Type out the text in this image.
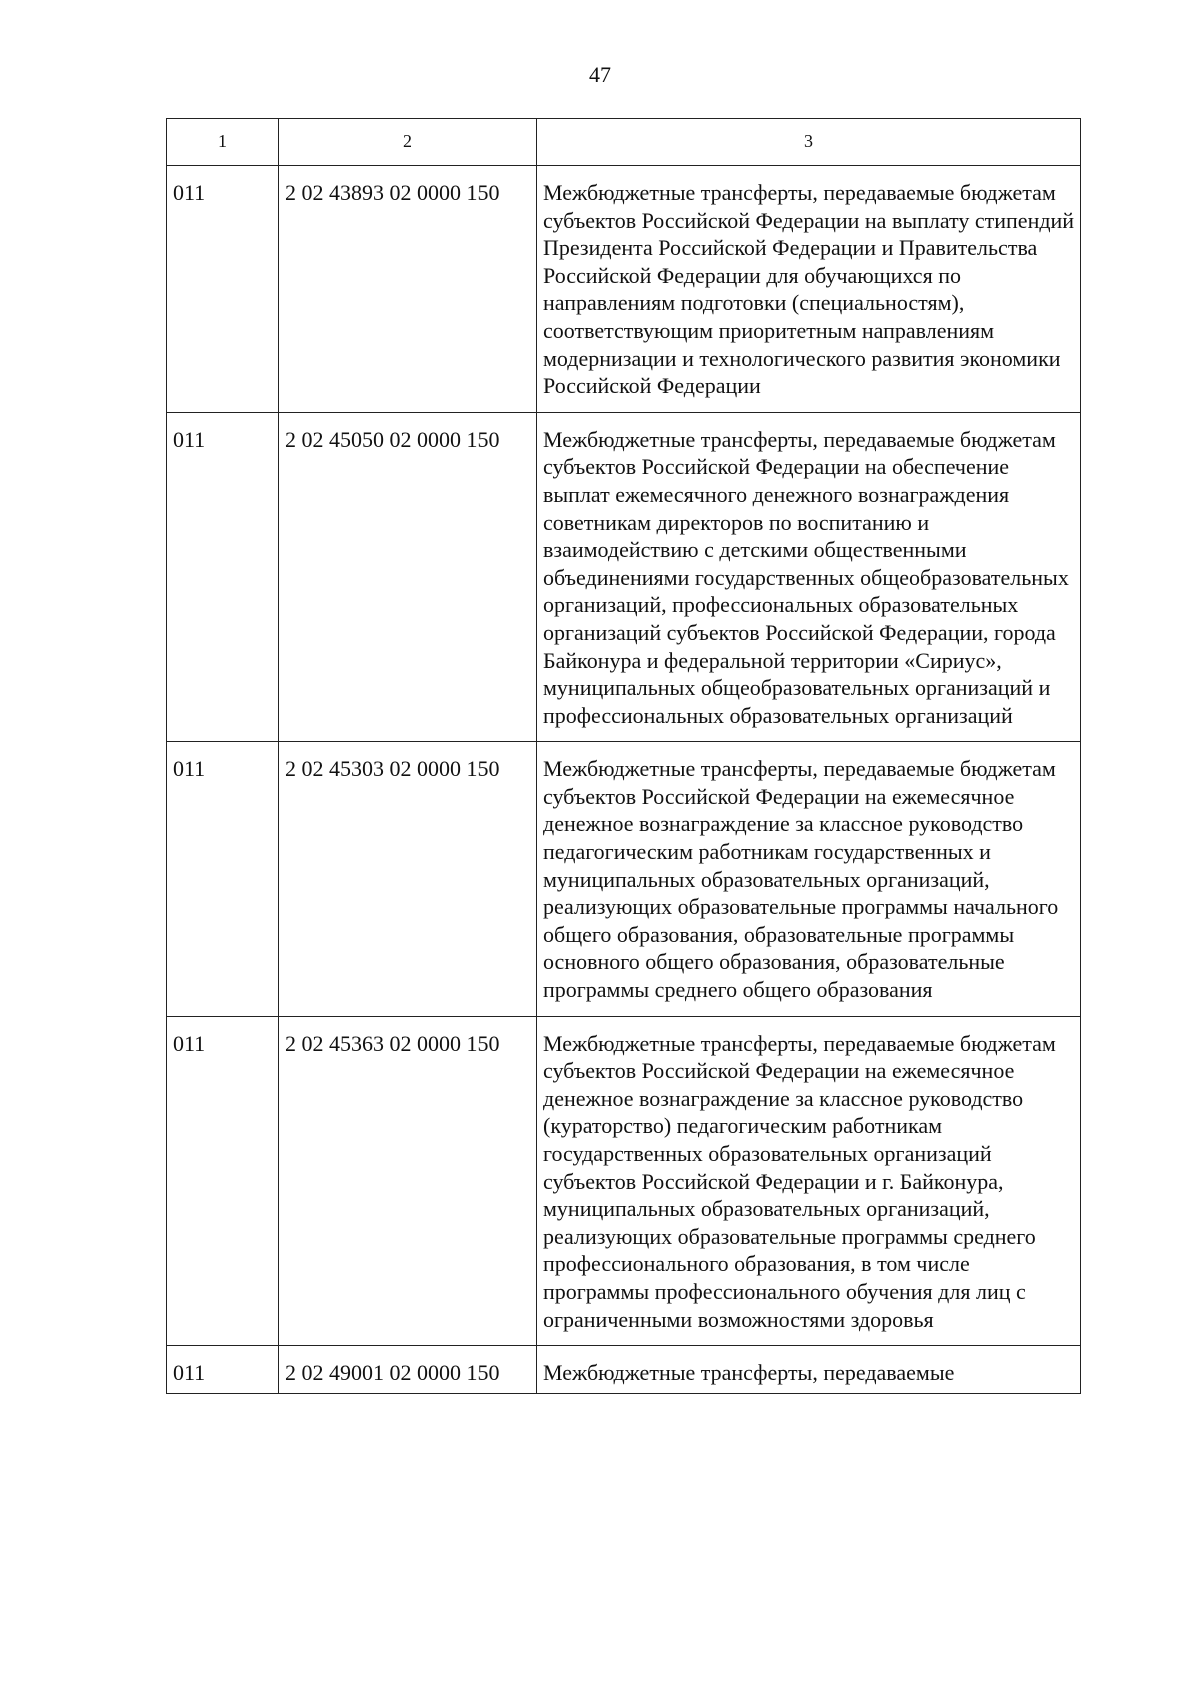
47
1	2	3
011	2 02 43893 02 0000 150	Межбюджетные трансферты, передаваемые бюджетам субъектов Российской Федерации на выплату стипендий Президента Российской Федерации и Правительства Российской Федерации для обучающихся по направлениям подготовки (специальностям), соответствующим приоритетным направлениям модернизации и технологического развития экономики Российской Федерации
011	2 02 45050 02 0000 150	Межбюджетные трансферты, передаваемые бюджетам субъектов Российской Федерации на обеспечение выплат ежемесячного денежного вознаграждения советникам директоров по воспитанию и взаимодействию с детскими общественными объединениями государственных общеобразовательных организаций, профессиональных образовательных организаций субъектов Российской Федерации, города Байконура и федеральной территории «Сириус», муниципальных общеобразовательных организаций и профессиональных образовательных организаций
011	2 02 45303 02 0000 150	Межбюджетные трансферты, передаваемые бюджетам субъектов Российской Федерации на ежемесячное денежное вознаграждение за классное руководство педагогическим работникам государственных и муниципальных образовательных организаций, реализующих образовательные программы начального общего образования, образовательные программы основного общего образования, образовательные программы среднего общего образования
011	2 02 45363 02 0000 150	Межбюджетные трансферты, передаваемые бюджетам субъектов Российской Федерации на ежемесячное денежное вознаграждение за классное руководство (кураторство) педагогическим работникам государственных образовательных организаций субъектов Российской Федерации и г. Байконура, муниципальных образовательных организаций, реализующих образовательные программы среднего профессионального образования, в том числе программы профессионального обучения для лиц с ограниченными возможностями здоровья
011	2 02 49001 02 0000 150	Межбюджетные трансферты, передаваемые
